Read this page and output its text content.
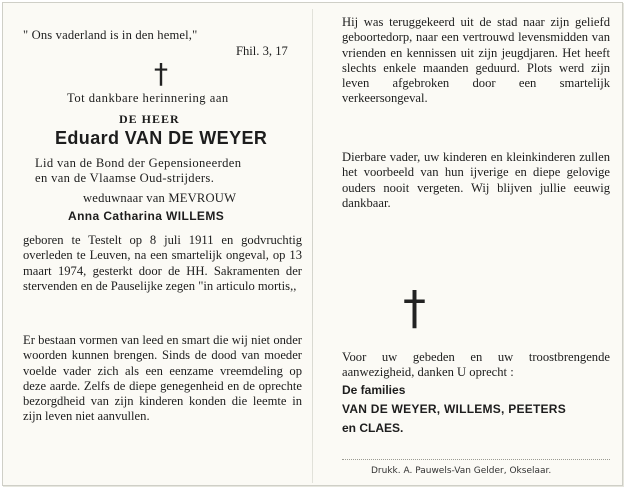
" Ons vaderland is in den hemel,"
Fhil. 3, 17
†
Tot dankbare herinnering aan
DE HEER
Eduard VAN DE WEYER
Lid van de Bond der Gepensioneerden
en van de Vlaamse Oud-strijders.
weduwnaar van MEVROUW
Anna Catharina WILLEMS
geboren te Testelt op 8 juli 1911 en godvruchtig overleden te Leuven, na een smartelijk ongeval, op 13 maart 1974, gesterkt door de HH. Sakramenten der stervenden en de Pauselijke zegen "in articulo mortis,,
Er bestaan vormen van leed en smart die wij niet onder woorden kunnen brengen. Sinds de dood van moeder voelde vader zich als een eenzame vreemdeling op deze aarde. Zelfs de diepe genegenheid en de oprechte bezorgdheid van zijn kinderen konden die leemte in zijn leven niet aanvullen.
Hij was teruggekeerd uit de stad naar zijn geliefd geboortedorp, naar een vertrouwd levensmidden van vrienden en kennissen uit zijn jeugdjaren. Het heeft slechts enkele maanden geduurd. Plots werd zijn leven afgebroken door een smartelijk verkeersongeval.
Dierbare vader, uw kinderen en kleinkinderen zullen het voorbeeld van hun ijverige en diepe gelovige ouders nooit vergeten. Wij blijven jullie eeuwig dankbaar.
†
Voor uw gebeden en uw troostbrengende aanwezigheid, danken U oprecht :
De families
VAN DE WEYER, WILLEMS, PEETERS
en CLAES.
Drukk. A. Pauwels-Van Gelder, Okselaar.
